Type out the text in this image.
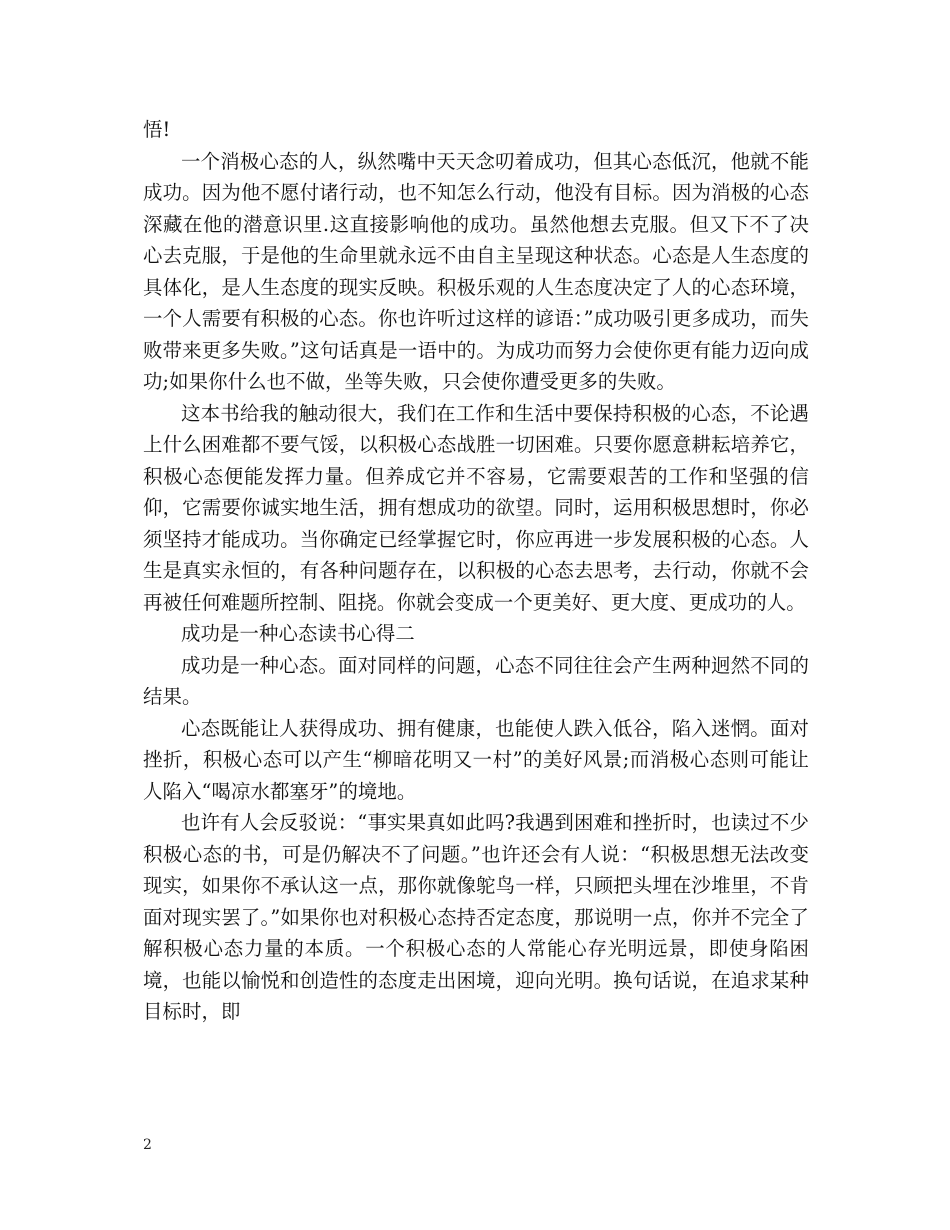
悟!

一个消极心态的人，纵然嘴中天天念叨着成功，但其心态低沉，他就不能成功。因为他不愿付诸行动，也不知怎么行动，他没有目标。因为消极的心态深藏在他的潜意识里.这直接影响他的成功。虽然他想去克服。但又下不了决心去克服，于是他的生命里就永远不由自主呈现这种状态。心态是人生态度的具体化，是人生态度的现实反映。积极乐观的人生态度决定了人的心态环境，一个人需要有积极的心态。你也许听过这样的谚语：”成功吸引更多成功，而失败带来更多失败。”这句话真是一语中的。为成功而努力会使你更有能力迈向成功;如果你什么也不做，坐等失败，只会使你遭受更多的失败。

这本书给我的触动很大，我们在工作和生活中要保持积极的心态，不论遇上什么困难都不要气馁，以积极心态战胜一切困难。只要你愿意耕耘培养它，积极心态便能发挥力量。但养成它并不容易，它需要艰苦的工作和坚强的信仰，它需要你诚实地生活，拥有想成功的欲望。同时，运用积极思想时，你必须坚持才能成功。当你确定已经掌握它时，你应再进一步发展积极的心态。人生是真实永恒的，有各种问题存在，以积极的心态去思考，去行动，你就不会再被任何难题所控制、阻挠。你就会变成一个更美好、更大度、更成功的人。

成功是一种心态读书心得二

成功是一种心态。面对同样的问题，心态不同往往会产生两种迥然不同的结果。

心态既能让人获得成功、拥有健康，也能使人跌入低谷，陷入迷惘。面对挫折，积极心态可以产生“柳暗花明又一村”的美好风景;而消极心态则可能让人陷入“喝凉水都塞牙”的境地。

也许有人会反驳说：“事实果真如此吗?我遇到困难和挫折时，也读过不少积极心态的书，可是仍解决不了问题。”也许还会有人说：“积极思想无法改变现实，如果你不承认这一点，那你就像鸵鸟一样，只顾把头埋在沙堆里，不肯面对现实罢了。”如果你也对积极心态持否定态度，那说明一点，你并不完全了解积极心态力量的本质。一个积极心态的人常能心存光明远景，即使身陷困境，也能以愉悦和创造性的态度走出困境，迎向光明。换句话说，在追求某种目标时，即

2
